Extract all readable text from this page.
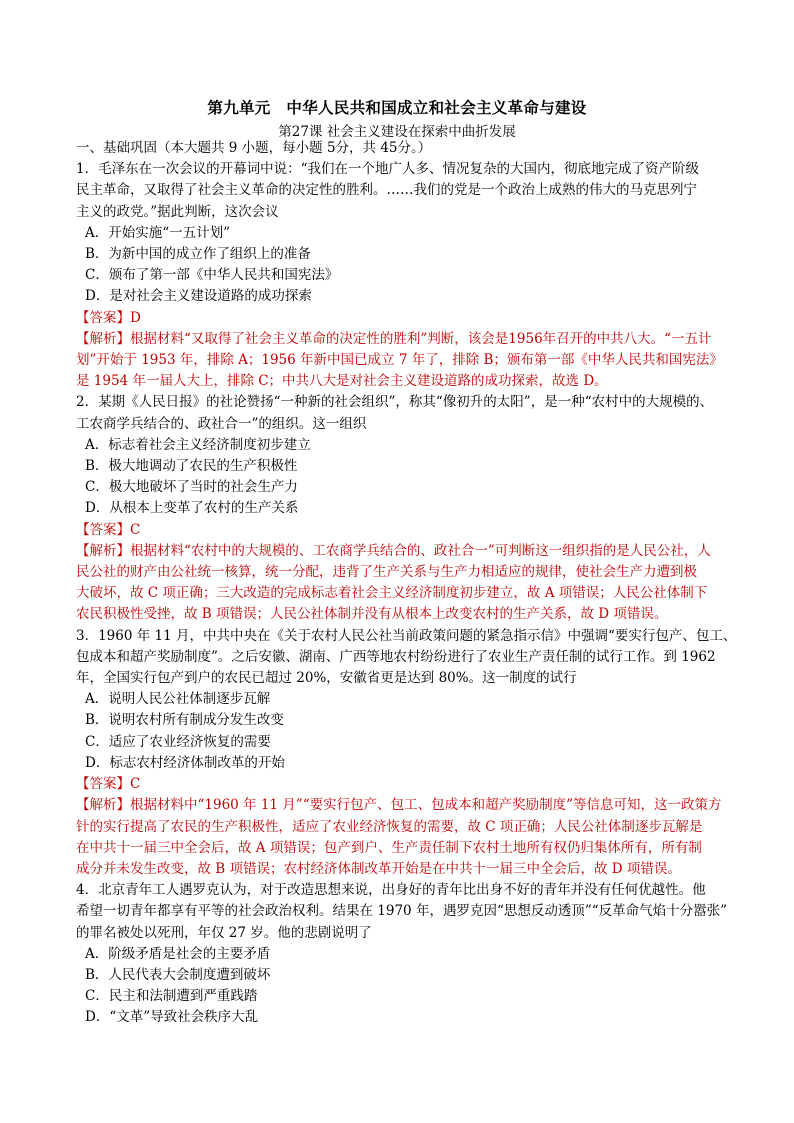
第九单元　中华人民共和国成立和社会主义革命与建设
第27课 社会主义建设在探索中曲折发展
一、基础巩固（本大题共 9 小题，每小题 5分，共 45分。）
1．毛泽东在一次会议的开幕词中说：“我们在一个地广人多、情况复杂的大国内，彻底地完成了资产阶级
民主革命，又取得了社会主义革命的决定性的胜利。……我们的党是一个政治上成熟的伟大的马克思列宁
主义的政党。”据此判断，这次会议
A．开始实施“一五计划”
B．为新中国的成立作了组织上的准备
C．颁布了第一部《中华人民共和国宪法》
D．是对社会主义建设道路的成功探索
【答案】D
【解析】根据材料“又取得了社会主义革命的决定性的胜利”判断，该会是1956年召开的中共八大。“一五计
划”开始于 1953 年，排除 A；1956 年新中国已成立 7 年了，排除 B；颁布第一部《中华人民共和国宪法》
是 1954 年一届人大上，排除 C；中共八大是对社会主义建设道路的成功探索，故选 D。
2．某期《人民日报》的社论赞扬“一种新的社会组织”，称其“像初升的太阳”，是一种“农村中的大规模的、
工农商学兵结合的、政社合一”的组织。这一组织
A．标志着社会主义经济制度初步建立
B．极大地调动了农民的生产积极性
C．极大地破坏了当时的社会生产力
D．从根本上变革了农村的生产关系
【答案】C
【解析】根据材料“农村中的大规模的、工农商学兵结合的、政社合一”可判断这一组织指的是人民公社，人
民公社的财产由公社统一核算，统一分配，违背了生产关系与生产力相适应的规律，使社会生产力遭到极
大破坏，故 C 项正确；三大改造的完成标志着社会主义经济制度初步建立，故 A 项错误；人民公社体制下
农民积极性受挫，故 B 项错误；人民公社体制并没有从根本上改变农村的生产关系，故 D 项错误。
3．1960 年 11 月，中共中央在《关于农村人民公社当前政策问题的紧急指示信》中强调“要实行包产、包工、
包成本和超产奖励制度”。之后安徽、湖南、广西等地农村纷纷进行了农业生产责任制的试行工作。到 1962
年，全国实行包产到户的农民已超过 20%，安徽省更是达到 80%。这一制度的试行
A．说明人民公社体制逐步瓦解
B．说明农村所有制成分发生改变
C．适应了农业经济恢复的需要
D．标志农村经济体制改革的开始
【答案】C
【解析】根据材料中“1960 年 11 月”“要实行包产、包工、包成本和超产奖励制度”等信息可知，这一政策方
针的实行提高了农民的生产积极性，适应了农业经济恢复的需要，故 C 项正确；人民公社体制逐步瓦解是
在中共十一届三中全会后，故 A 项错误；包产到户、生产责任制下农村土地所有权仍归集体所有，所有制
成分并未发生改变，故 B 项错误；农村经济体制改革开始是在中共十一届三中全会后，故 D 项错误。
4．北京青年工人遇罗克认为，对于改造思想来说，出身好的青年比出身不好的青年并没有任何优越性。他
希望一切青年都享有平等的社会政治权利。结果在 1970 年，遇罗克因“思想反动透顶”“反革命气焰十分嚣张”
的罪名被处以死刑，年仅 27 岁。他的悲剧说明了
A．阶级矛盾是社会的主要矛盾
B．人民代表大会制度遭到破坏
C．民主和法制遭到严重践踏
D．“文革”导致社会秩序大乱
